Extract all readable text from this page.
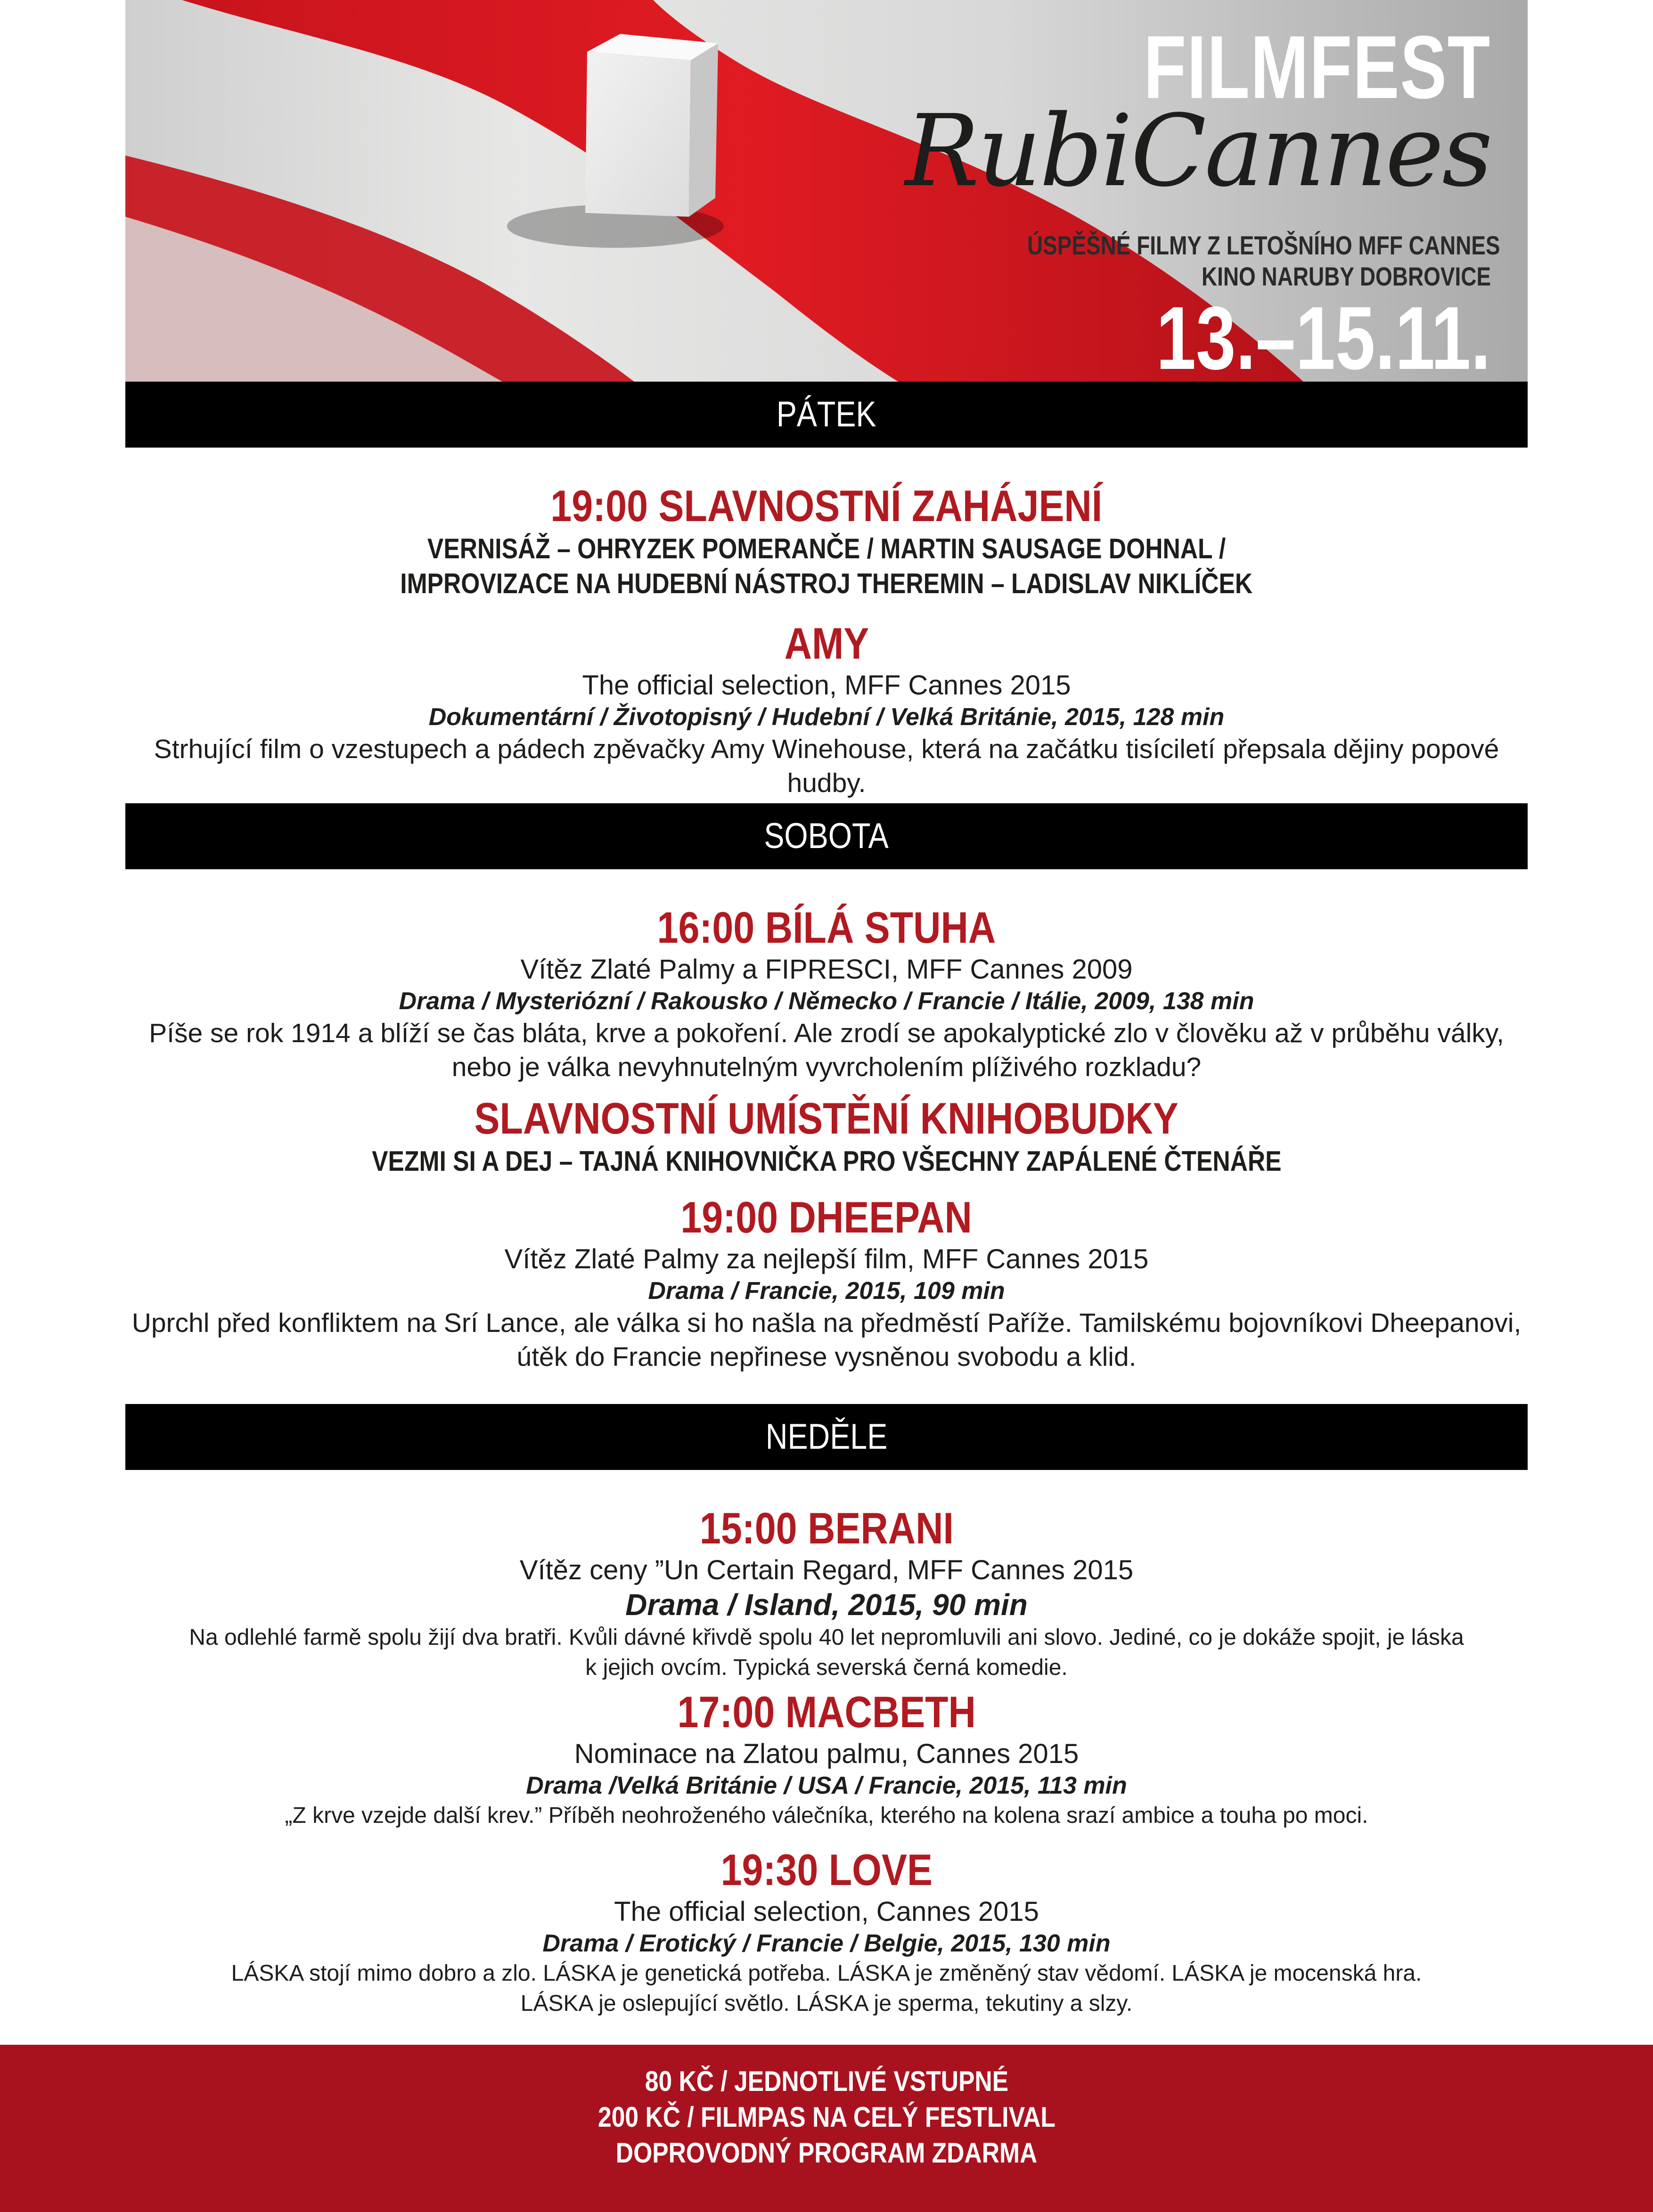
FILMFEST
RubiCannes
ÚSPĚŠNÉ FILMY Z LETOŠNÍHO MFF CANNES
KINO NARUBY DOBROVICE
13.–15.11.
PÁTEK
19:00 SLAVNOSTNÍ ZAHÁJENÍ
VERNISÁŽ – OHRYZEK POMERANČE / MARTIN SAUSAGE DOHNAL /
IMPROVIZACE NA HUDEBNÍ NÁSTROJ THEREMIN – LADISLAV NIKLÍČEK
AMY
The official selection, MFF Cannes 2015
Dokumentární / Životopisný / Hudební / Velká Británie, 2015, 128 min
Strhující film o vzestupech a pádech zpěvačky Amy Winehouse, která na začátku tisíciletí přepsala dějiny popové hudby.
SOBOTA
16:00 BÍLÁ STUHA
Vítěz Zlaté Palmy a FIPRESCI, MFF Cannes 2009
Drama / Mysteriózní / Rakousko / Německo / Francie / Itálie, 2009, 138 min
Píše se rok 1914 a blíží se čas bláta, krve a pokoření. Ale zrodí se apokalyptické zlo v člověku až v průběhu války,
nebo je válka nevyhnutelným vyvrcholením plíživého rozkladu?
SLAVNOSTNÍ UMÍSTĚNÍ KNIHOBUDKY
VEZMI SI A DEJ – TAJNÁ KNIHOVNIČKA PRO VŠECHNY ZAPÁLENÉ ČTENÁŘE
19:00 DHEEPAN
Vítěz Zlaté Palmy za nejlepší film, MFF Cannes 2015
Drama / Francie, 2015, 109 min
Uprchl před konfliktem na Srí Lance, ale válka si ho našla na předměstí Paříže. Tamilskému bojovníkovi Dheepanovi,
útěk do Francie nepřinese vysněnou svobodu a klid.
NEDĚLE
15:00 BERANI
Vítěz ceny ”Un Certain Regard, MFF Cannes 2015
Drama / Island, 2015, 90 min
Na odlehlé farmě spolu žijí dva bratři. Kvůli dávné křivdě spolu 40 let nepromluvili ani slovo. Jediné, co je dokáže spojit, je láska
k jejich ovcím. Typická severská černá komedie.
17:00 MACBETH
Nominace na Zlatou palmu, Cannes 2015
Drama /Velká Británie / USA / Francie, 2015, 113 min
„Z krve vzejde další krev.” Příběh neohroženého válečníka, kterého na kolena srazí ambice a touha po moci.
19:30 LOVE
The official selection, Cannes 2015
Drama / Erotický / Francie / Belgie, 2015, 130 min
LÁSKA stojí mimo dobro a zlo. LÁSKA je genetická potřeba. LÁSKA je změněný stav vědomí. LÁSKA je mocenská hra.
LÁSKA je oslepující světlo. LÁSKA je sperma, tekutiny a slzy.
80 KČ / JEDNOTLIVÉ VSTUPNÉ
200 KČ / FILMPAS NA CELÝ FESTLIVAL
DOPROVODNÝ PROGRAM ZDARMA
